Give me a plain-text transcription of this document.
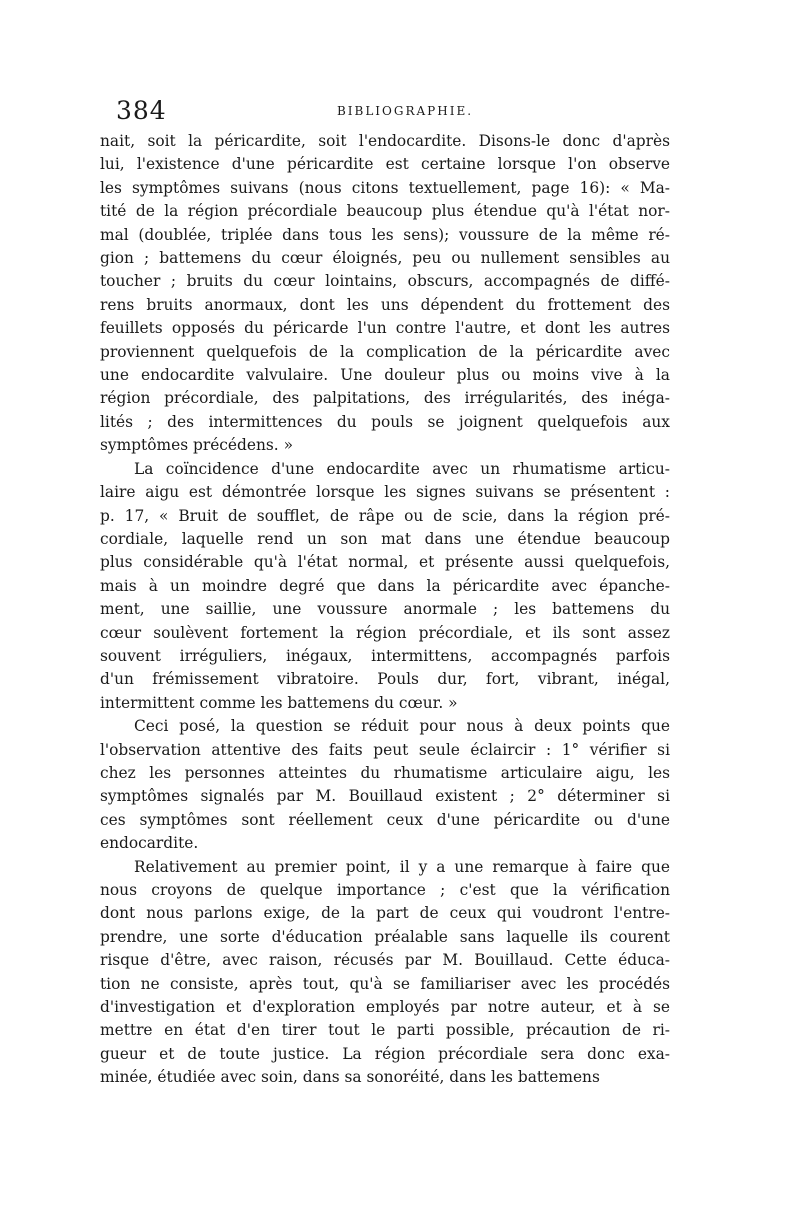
384	BIBLIOGRAPHIE.

nait, soit la péricardite, soit l'endocardite. Disons-le donc d'après
lui, l'existence d'une péricardite est certaine lorsque l'on observe
les symptômes suivans (nous citons textuellement, page 16): « Ma-
tité de la région précordiale beaucoup plus étendue qu'à l'état nor-
mal (doublée, triplée dans tous les sens); voussure de la même ré-
gion ; battemens du cœur éloignés, peu ou nullement sensibles au
toucher ; bruits du cœur lointains, obscurs, accompagnés de diffé-
rens bruits anormaux, dont les uns dépendent du frottement des
feuillets opposés du péricarde l'un contre l'autre, et dont les autres
proviennent quelquefois de la complication de la péricardite avec
une endocardite valvulaire. Une douleur plus ou moins vive à la
région précordiale, des palpitations, des irrégularités, des inéga-
lités ; des intermittences du pouls se joignent quelquefois aux
symptômes précédens. »

La coïncidence d'une endocardite avec un rhumatisme articu-
laire aigu est démontrée lorsque les signes suivans se présentent :
p. 17, « Bruit de soufflet, de râpe ou de scie, dans la région pré-
cordiale, laquelle rend un son mat dans une étendue beaucoup
plus considérable qu'à l'état normal, et présente aussi quelquefois,
mais à un moindre degré que dans la péricardite avec épanche-
ment, une saillie, une voussure anormale ; les battemens du
cœur soulèvent fortement la région précordiale, et ils sont assez
souvent irréguliers, inégaux, intermittens, accompagnés parfois
d'un frémissement vibratoire. Pouls dur, fort, vibrant, inégal,
intermittent comme les battemens du cœur. »

Ceci posé, la question se réduit pour nous à deux points que
l'observation attentive des faits peut seule éclaircir : 1° vérifier si
chez les personnes atteintes du rhumatisme articulaire aigu, les
symptômes signalés par M. Bouillaud existent ; 2° déterminer si
ces symptômes sont réellement ceux d'une péricardite ou d'une
endocardite.

Relativement au premier point, il y a une remarque à faire que
nous croyons de quelque importance ; c'est que la vérification
dont nous parlons exige, de la part de ceux qui voudront l'entre-
prendre, une sorte d'éducation préalable sans laquelle ils courent
risque d'être, avec raison, récusés par M. Bouillaud. Cette éduca-
tion ne consiste, après tout, qu'à se familiariser avec les procédés
d'investigation et d'exploration employés par notre auteur, et à se
mettre en état d'en tirer tout le parti possible, précaution de ri-
gueur et de toute justice. La région précordiale sera donc exa-
minée, étudiée avec soin, dans sa sonoréité, dans les battemens
